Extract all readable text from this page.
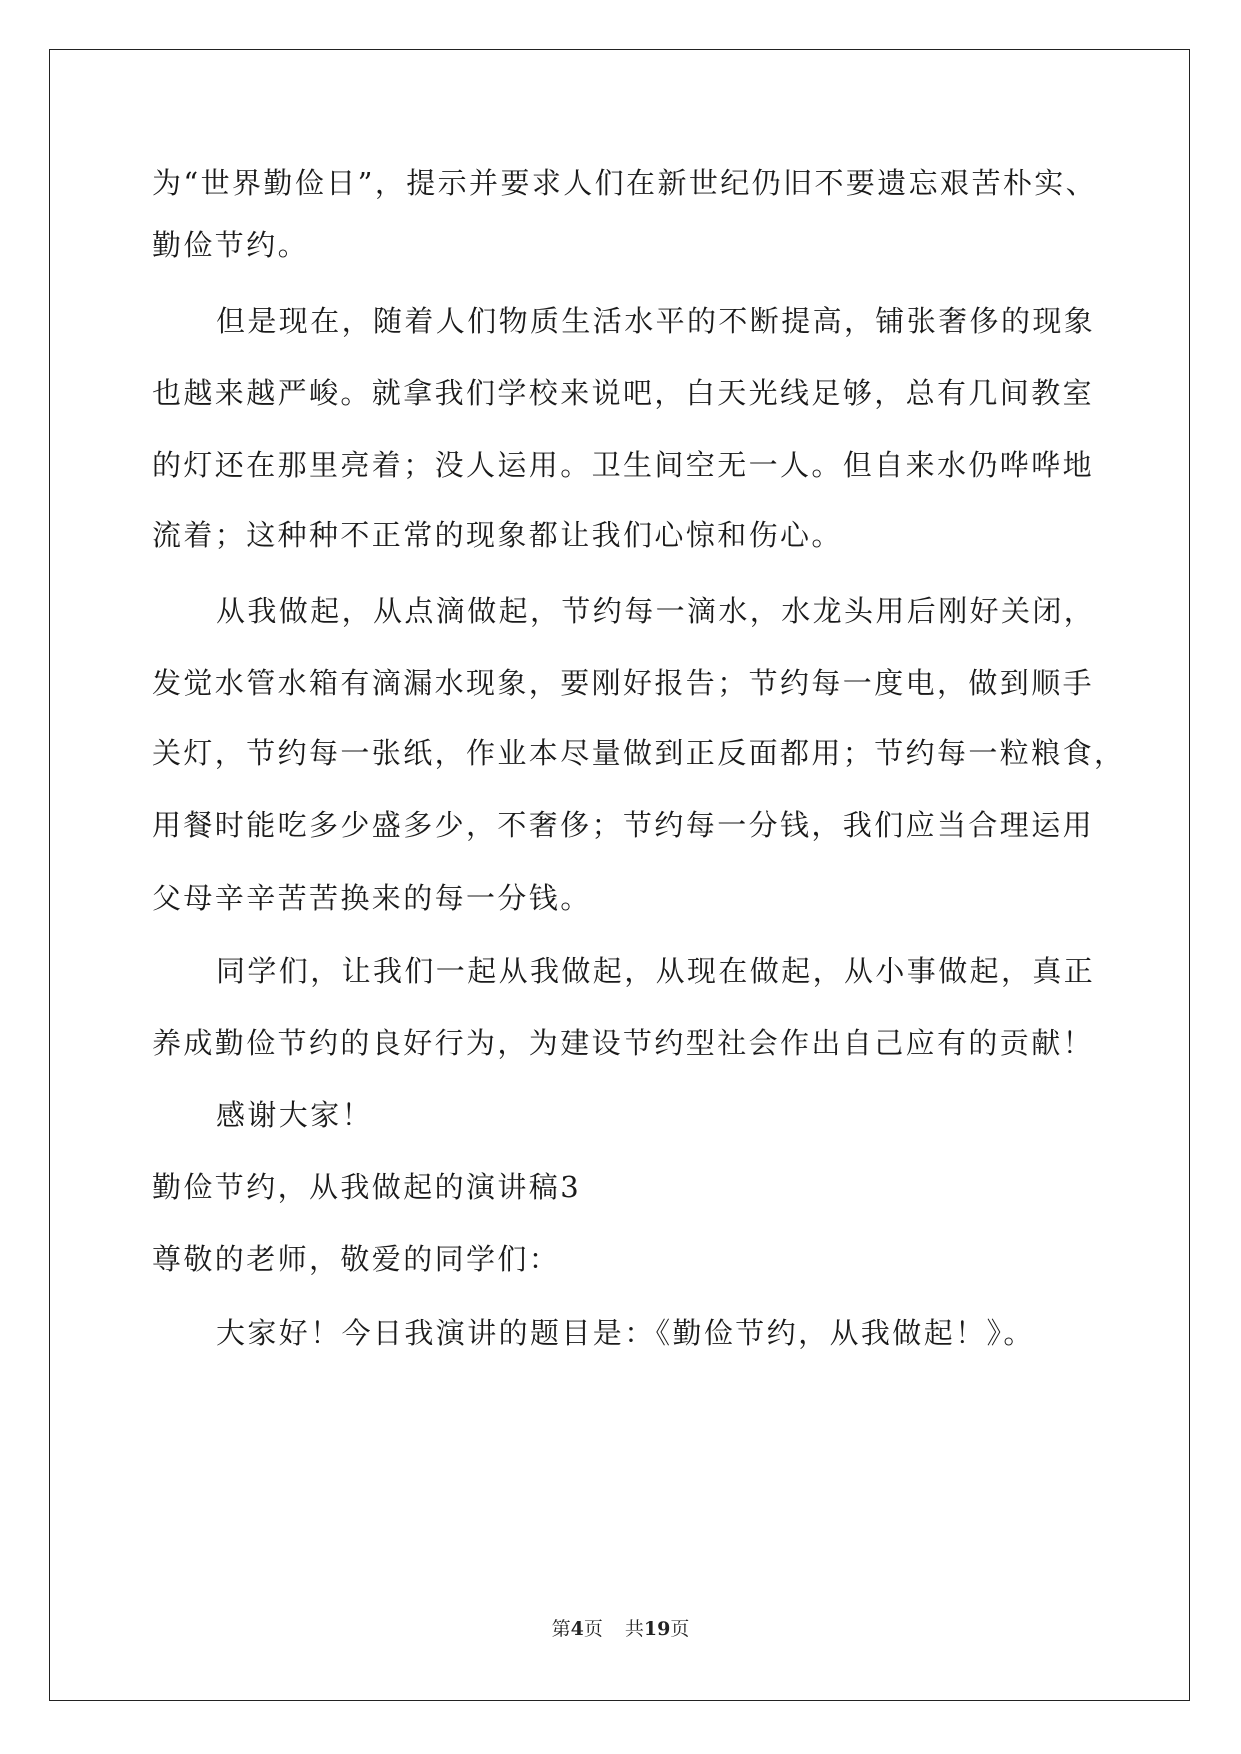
为“世界勤俭日”，提示并要求人们在新世纪仍旧不要遗忘艰苦朴实、
勤俭节约。
但是现在，随着人们物质生活水平的不断提高，铺张奢侈的现象
也越来越严峻。就拿我们学校来说吧，白天光线足够，总有几间教室
的灯还在那里亮着；没人运用。卫生间空无一人。但自来水仍哗哗地
流着；这种种不正常的现象都让我们心惊和伤心。
从我做起，从点滴做起，节约每一滴水，水龙头用后刚好关闭，
发觉水管水箱有滴漏水现象，要刚好报告；节约每一度电，做到顺手
关灯，节约每一张纸，作业本尽量做到正反面都用；节约每一粒粮食，
用餐时能吃多少盛多少，不奢侈；节约每一分钱，我们应当合理运用
父母辛辛苦苦换来的每一分钱。
同学们，让我们一起从我做起，从现在做起，从小事做起，真正
养成勤俭节约的良好行为，为建设节约型社会作出自己应有的贡献！
感谢大家！
勤俭节约，从我做起的演讲稿3
尊敬的老师，敬爱的同学们：
大家好！今日我演讲的题目是：《勤俭节约，从我做起！》。
第4页 共19页
